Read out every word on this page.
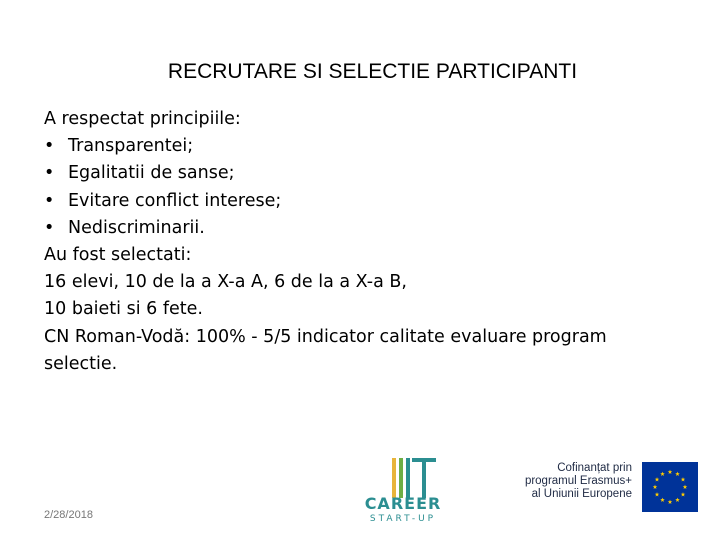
RECRUTARE SI SELECTIE PARTICIPANTI
A respectat principiile:
• Transparentei;
• Egalitatii de sanse;
• Evitare conflict interese;
• Nediscriminarii.
Au fost selectati:
16 elevi, 10 de la a X-a A, 6 de la a X-a B,
10 baieti si 6 fete.
CN Roman-Vodă: 100% - 5/5 indicator calitate evaluare program selectie.
2/28/2018
CAREER
START-UP
Cofinanțat prin
programul Erasmus+
al Uniunii Europene
